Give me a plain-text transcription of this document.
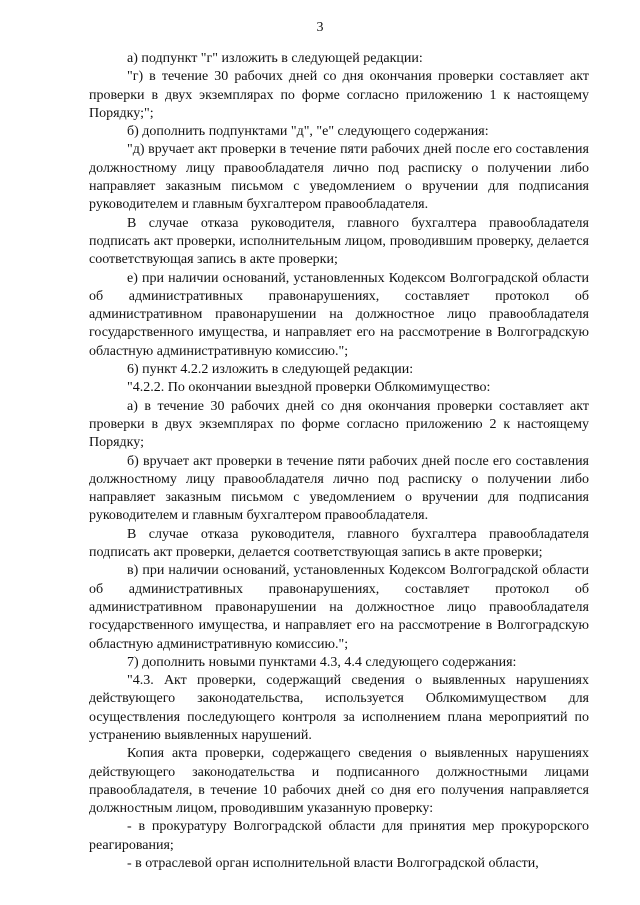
3

а) подпункт "г" изложить в следующей редакции:

"г) в течение 30 рабочих дней со дня окончания проверки составляет акт проверки в двух экземплярах по форме согласно приложению 1 к настоящему Порядку;";

б) дополнить подпунктами "д", "е" следующего содержания:

"д) вручает акт проверки в течение пяти рабочих дней после его составления должностному лицу правообладателя лично под расписку о получении либо направляет заказным письмом с уведомлением о вручении для подписания руководителем и главным бухгалтером правообладателя.

В случае отказа руководителя, главного бухгалтера правообладателя подписать акт проверки, исполнительным лицом, проводившим проверку, делается соответствующая запись в акте проверки;

е) при наличии оснований, установленных Кодексом Волгоградской области об административных правонарушениях, составляет протокол об административном правонарушении на должностное лицо правообладателя государственного имущества, и направляет его на рассмотрение в Волгоградскую областную административную комиссию.";

6) пункт 4.2.2 изложить в следующей редакции:

"4.2.2. По окончании выездной проверки Облкомимущество:

а) в течение 30 рабочих дней со дня окончания проверки составляет акт проверки в двух экземплярах по форме согласно приложению 2 к настоящему Порядку;

б) вручает акт проверки в течение пяти рабочих дней после его составления должностному лицу правообладателя лично под расписку о получении либо направляет заказным письмом с уведомлением о вручении для подписания руководителем и главным бухгалтером правообладателя.

В случае отказа руководителя, главного бухгалтера правообладателя подписать акт проверки, делается соответствующая запись в акте проверки;

в) при наличии оснований, установленных Кодексом Волгоградской области об административных правонарушениях, составляет протокол об административном правонарушении на должностное лицо правообладателя государственного имущества, и направляет его на рассмотрение в Волгоградскую областную административную комиссию.";

7) дополнить новыми пунктами 4.3, 4.4 следующего содержания:

"4.3. Акт проверки, содержащий сведения о выявленных нарушениях действующего законодательства, используется Облкомимуществом для осуществления последующего контроля за исполнением плана мероприятий по устранению выявленных нарушений.

Копия акта проверки, содержащего сведения о выявленных нарушениях действующего законодательства и подписанного должностными лицами правообладателя, в течение 10 рабочих дней со дня его получения направляется должностным лицом, проводившим указанную проверку:

- в прокуратуру Волгоградской области для принятия мер прокурорского реагирования;

- в отраслевой орган исполнительной власти Волгоградской области,
